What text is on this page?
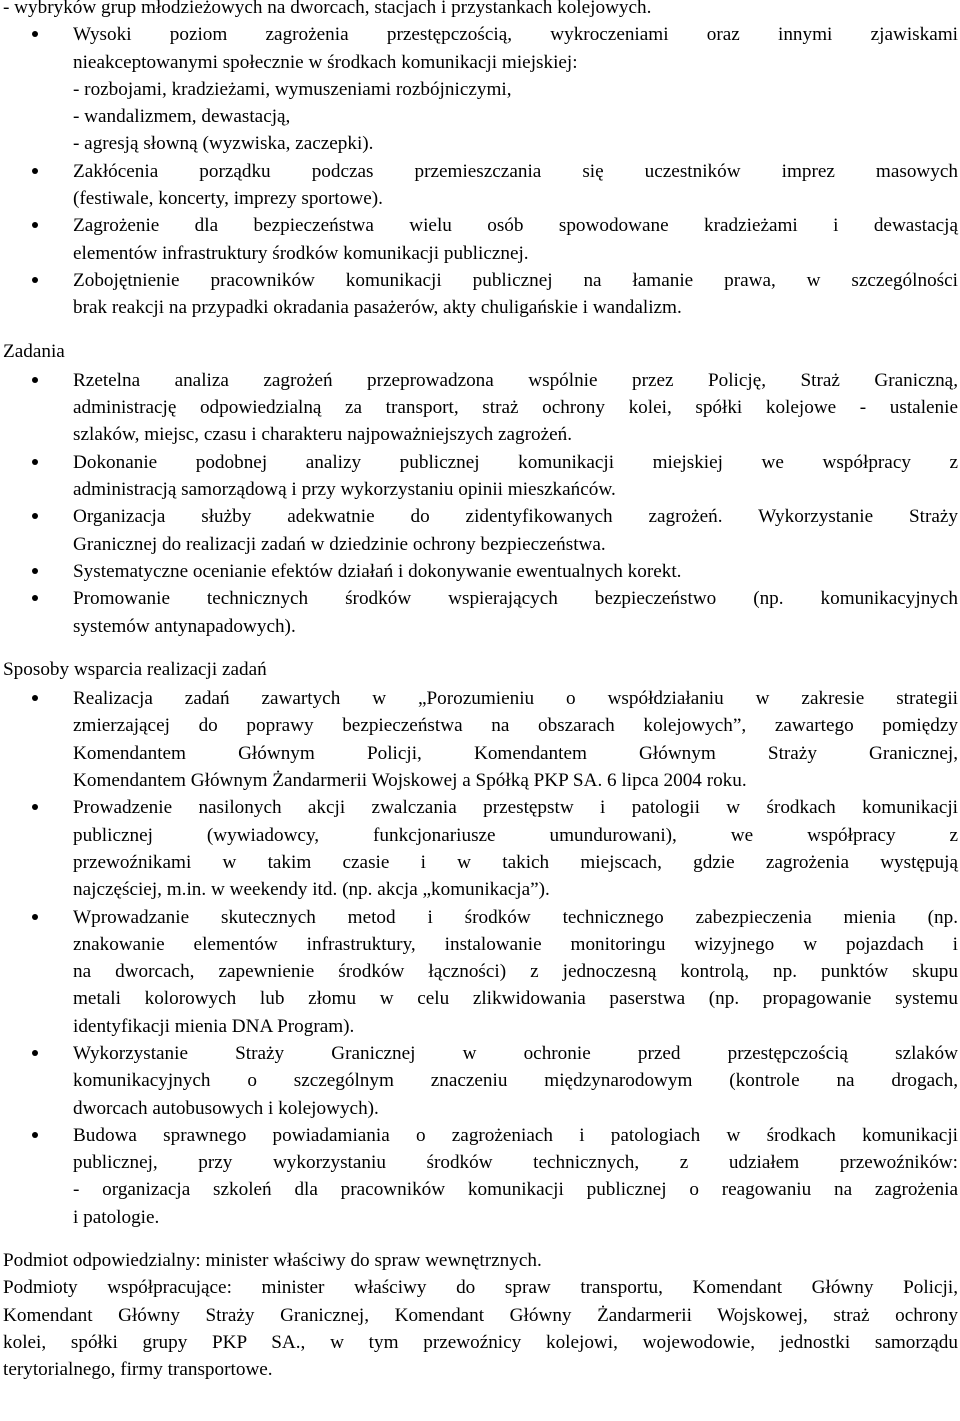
- wybryków grup młodzieżowych na dworcach, stacjach i przystankach kolejowych.
Wysoki poziom zagrożenia przestępczością, wykroczeniami oraz innymi zjawiskami
nieakceptowanymi społecznie w środkach komunikacji miejskiej:
- rozbojami, kradzieżami, wymuszeniami rozbójniczymi,
- wandalizmem, dewastacją,
- agresją słowną (wyzwiska, zaczepki).
Zakłócenia porządku podczas przemieszczania się uczestników imprez masowych
(festiwale, koncerty, imprezy sportowe).
Zagrożenie dla bezpieczeństwa wielu osób spowodowane kradzieżami i dewastacją
elementów infrastruktury środków komunikacji publicznej.
Zobojętnienie pracowników komunikacji publicznej na łamanie prawa, w szczególności
brak reakcji na przypadki okradania pasażerów, akty chuligańskie i wandalizm.
Zadania
Rzetelna analiza zagrożeń przeprowadzona wspólnie przez Policję, Straż Graniczną,
administrację odpowiedzialną za transport, straż ochrony kolei, spółki kolejowe - ustalenie
szlaków, miejsc, czasu i charakteru najpoważniejszych zagrożeń.
Dokonanie podobnej analizy publicznej komunikacji miejskiej we współpracy z
administracją samorządową i przy wykorzystaniu opinii mieszkańców.
Organizacja służby adekwatnie do zidentyfikowanych zagrożeń. Wykorzystanie Straży
Granicznej do realizacji zadań w dziedzinie ochrony bezpieczeństwa.
Systematyczne ocenianie efektów działań i dokonywanie ewentualnych korekt.
Promowanie technicznych środków wspierających bezpieczeństwo (np. komunikacyjnych
systemów antynapadowych).
Sposoby wsparcia realizacji zadań
Realizacja zadań zawartych w „Porozumieniu o współdziałaniu w zakresie strategii
zmierzającej do poprawy bezpieczeństwa na obszarach kolejowych”, zawartego pomiędzy
Komendantem Głównym Policji, Komendantem Głównym Straży Granicznej,
Komendantem Głównym Żandarmerii Wojskowej a Spółką PKP SA. 6 lipca 2004 roku.
Prowadzenie nasilonych akcji zwalczania przestępstw i patologii w środkach komunikacji
publicznej (wywiadowcy, funkcjonariusze umundurowani), we współpracy z
przewoźnikami w takim czasie i w takich miejscach, gdzie zagrożenia występują
najczęściej, m.in. w weekendy itd. (np. akcja „komunikacja”).
Wprowadzanie skutecznych metod i środków technicznego zabezpieczenia mienia (np.
znakowanie elementów infrastruktury, instalowanie monitoringu wizyjnego w pojazdach i
na dworcach, zapewnienie środków łączności) z jednoczesną kontrolą, np. punktów skupu
metali kolorowych lub złomu w celu zlikwidowania paserstwa (np. propagowanie systemu
identyfikacji mienia DNA Program).
Wykorzystanie Straży Granicznej w ochronie przed przestępczością szlaków
komunikacyjnych o szczególnym znaczeniu międzynarodowym (kontrole na drogach,
dworcach autobusowych i kolejowych).
Budowa sprawnego powiadamiania o zagrożeniach i patologiach w środkach komunikacji
publicznej, przy wykorzystaniu środków technicznych, z udziałem przewoźników:
- organizacja szkoleń dla pracowników komunikacji publicznej o reagowaniu na zagrożenia
i patologie.
Podmiot odpowiedzialny: minister właściwy do spraw wewnętrznych.
Podmioty współpracujące: minister właściwy do spraw transportu, Komendant Główny Policji,
Komendant Główny Straży Granicznej, Komendant Główny Żandarmerii Wojskowej, straż ochrony
kolei, spółki grupy PKP SA., w tym przewoźnicy kolejowi, wojewodowie, jednostki samorządu
terytorialnego, firmy transportowe.
